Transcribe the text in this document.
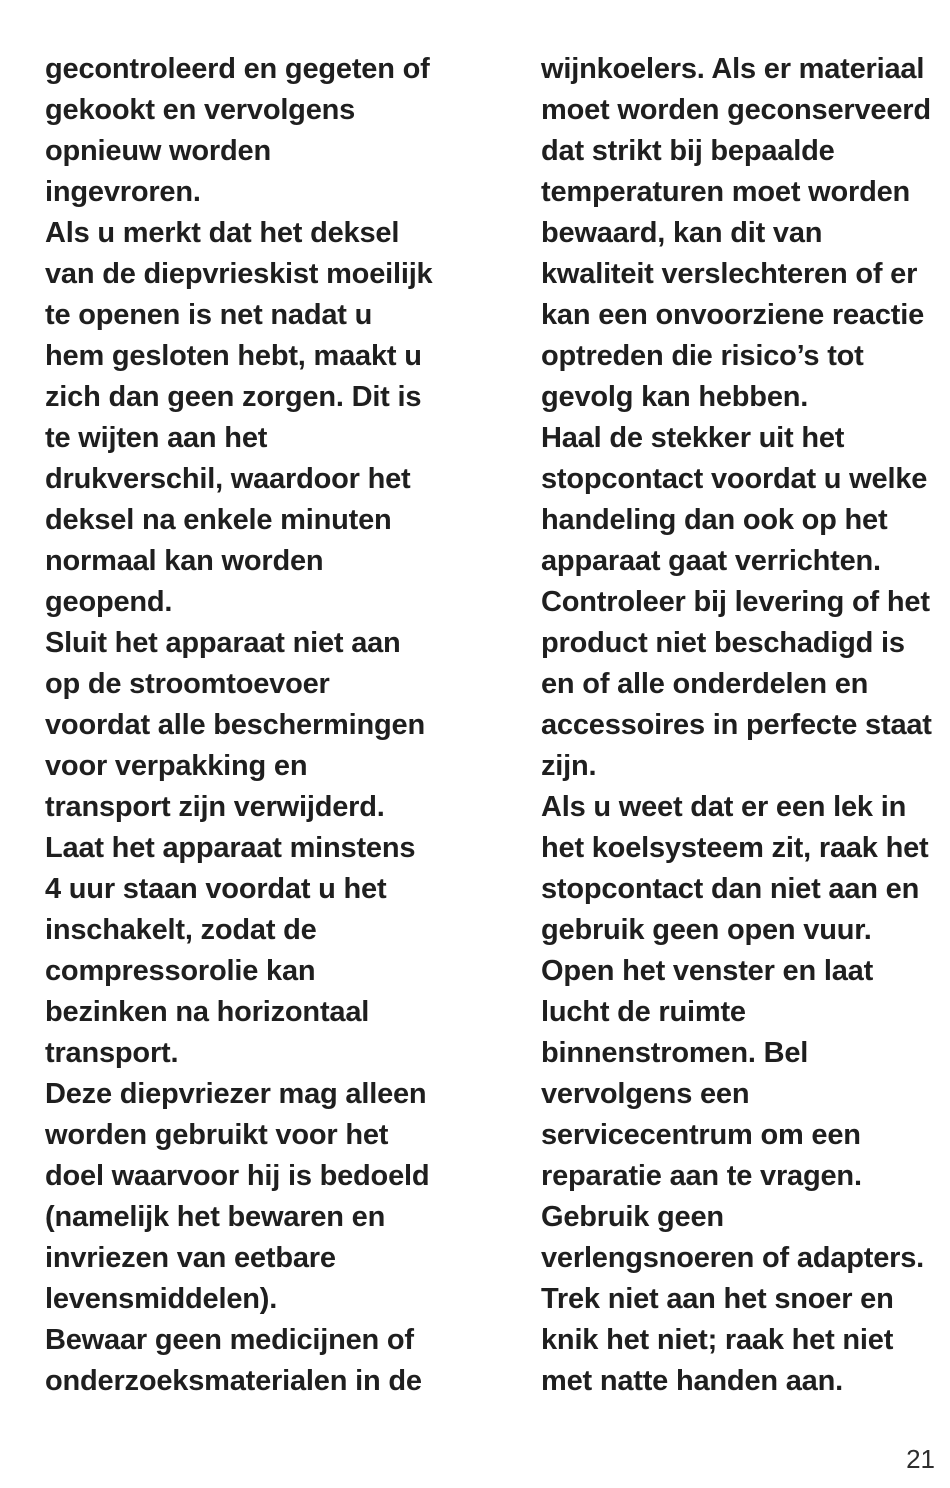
gecontroleerd en gegeten of
gekookt en vervolgens
opnieuw worden
ingevroren.
Als u merkt dat het deksel
van de diepvrieskist moeilijk
te openen is net nadat u
hem gesloten hebt, maakt u
zich dan geen zorgen. Dit is
te wijten aan het
drukverschil, waardoor het
deksel na enkele minuten
normaal kan worden
geopend.
Sluit het apparaat niet aan
op de stroomtoevoer
voordat alle beschermingen
voor verpakking en
transport zijn verwijderd.
Laat het apparaat minstens
4 uur staan voordat u het
inschakelt, zodat de
compressorolie kan
bezinken na horizontaal
transport.
Deze diepvriezer mag alleen
worden gebruikt voor het
doel waarvoor hij is bedoeld
(namelijk het bewaren en
invriezen van eetbare
levensmiddelen).
Bewaar geen medicijnen of
onderzoeksmaterialen in de
wijnkoelers. Als er materiaal
moet worden geconserveerd
dat strikt bij bepaalde
temperaturen moet worden
bewaard, kan dit van
kwaliteit verslechteren of er
kan een onvoorziene reactie
optreden die risico’s tot
gevolg kan hebben.
Haal de stekker uit het
stopcontact voordat u welke
handeling dan ook op het
apparaat gaat verrichten.
Controleer bij levering of het
product niet beschadigd is
en of alle onderdelen en
accessoires in perfecte staat
zijn.
Als u weet dat er een lek in
het koelsysteem zit, raak het
stopcontact dan niet aan en
gebruik geen open vuur.
Open het venster en laat
lucht de ruimte
binnenstromen. Bel
vervolgens een
servicecentrum om een
reparatie aan te vragen.
Gebruik geen
verlengsnoeren of adapters.
Trek niet aan het snoer en
knik het niet; raak het niet
met natte handen aan.
21
